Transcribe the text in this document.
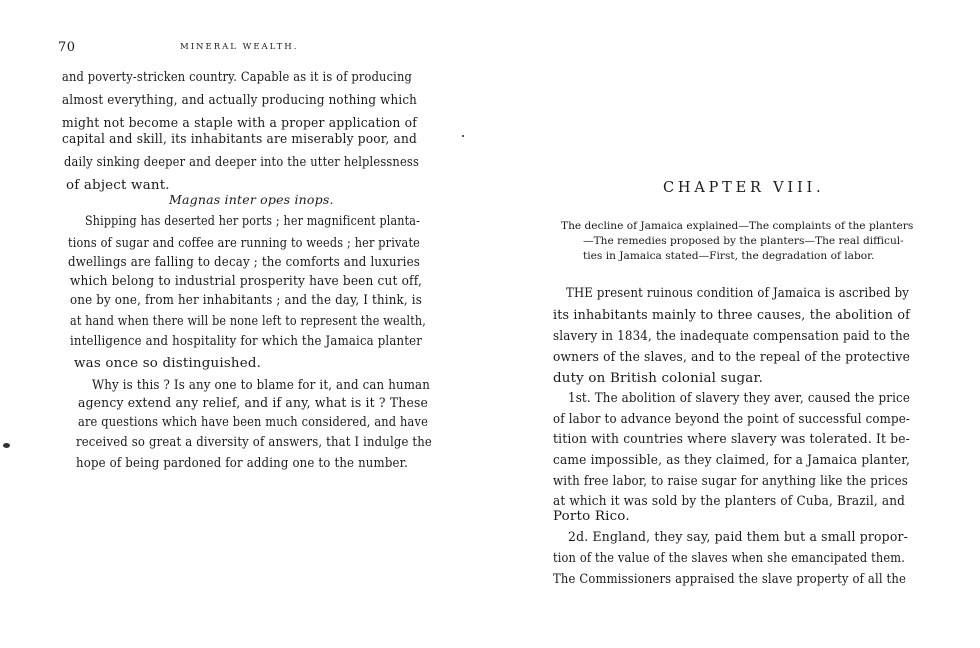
70	MINERAL WEALTH.
CHAPTER VIII.
The decline of Jamaica explained—The complaints of the planters
—The remedies proposed by the planters—The real difficul-
ties in Jamaica stated—First, the degradation of labor.
and poverty-stricken country. Capable as it is of producing
almost everything, and actually producing nothing which
might not become a staple with a proper application of
capital and skill, its inhabitants are miserably poor, and
daily sinking deeper and deeper into the utter helplessness
of abject want.
Magnas inter opes inops.
Shipping has deserted her ports ; her magnificent planta-
tions of sugar and coffee are running to weeds ; her private
dwellings are falling to decay ; the comforts and luxuries
which belong to industrial prosperity have been cut off,
one by one, from her inhabitants ; and the day, I think, is
at hand when there will be none left to represent the wealth,
intelligence and hospitality for which the Jamaica planter
was once so distinguished.
Why is this ? Is any one to blame for it, and can human
agency extend any relief, and if any, what is it ? These
are questions which have been much considered, and have
received so great a diversity of answers, that I indulge the
hope of being pardoned for adding one to the number.
THE present ruinous condition of Jamaica is ascribed by
its inhabitants mainly to three causes, the abolition of
slavery in 1834, the inadequate compensation paid to the
owners of the slaves, and to the repeal of the protective
duty on British colonial sugar.
1st. The abolition of slavery they aver, caused the price
of labor to advance beyond the point of successful compe-
tition with countries where slavery was tolerated. It be-
came impossible, as they claimed, for a Jamaica planter,
with free labor, to raise sugar for anything like the prices
at which it was sold by the planters of Cuba, Brazil, and
Porto Rico.
2d. England, they say, paid them but a small propor-
tion of the value of the slaves when she emancipated them.
The Commissioners appraised the slave property of all the
